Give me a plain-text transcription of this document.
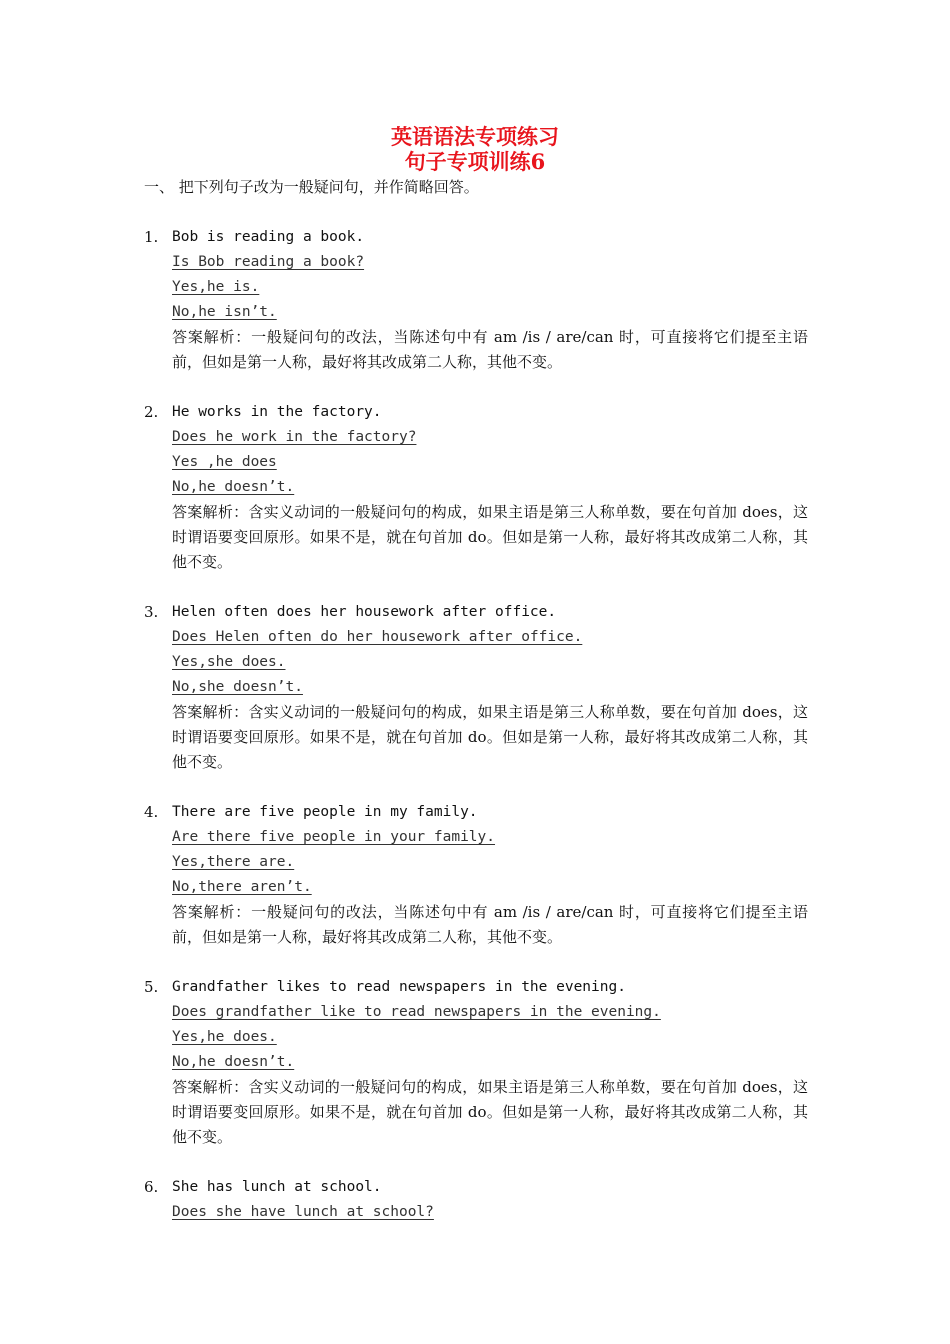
英语语法专项练习
句子专项训练6
一、 把下列句子改为一般疑问句，并作简略回答。
1. Bob is reading a book.
Is Bob reading a book?
Yes,he is.
No,he isn’t.
答案解析：一般疑问句的改法，当陈述句中有 am /is / are/can 时，可直接将它们提至主语前，但如是第一人称，最好将其改成第二人称，其他不变。
2. He works in the factory.
Does he work in the factory?
Yes ,he does
No,he doesn’t.
答案解析：含实义动词的一般疑问句的构成，如果主语是第三人称单数，要在句首加 does，这时谓语要变回原形。如果不是，就在句首加 do。但如是第一人称，最好将其改成第二人称，其他不变。
3. Helen often does her housework after office.
Does Helen often do her housework after office.
Yes,she does.
No,she doesn’t.
答案解析：含实义动词的一般疑问句的构成，如果主语是第三人称单数，要在句首加 does，这时谓语要变回原形。如果不是，就在句首加 do。但如是第一人称，最好将其改成第二人称，其他不变。
4. There are five people in my family.
Are there five people in your family.
Yes,there are.
No,there aren’t.
答案解析：一般疑问句的改法，当陈述句中有 am /is / are/can 时，可直接将它们提至主语前，但如是第一人称，最好将其改成第二人称，其他不变。
5. Grandfather likes to read newspapers in the evening.
Does grandfather like to read newspapers in the evening.
Yes,he does.
No,he doesn’t.
答案解析：含实义动词的一般疑问句的构成，如果主语是第三人称单数，要在句首加 does，这时谓语要变回原形。如果不是，就在句首加 do。但如是第一人称，最好将其改成第二人称，其他不变。
6. She has lunch at school.
Does she have lunch at school?
